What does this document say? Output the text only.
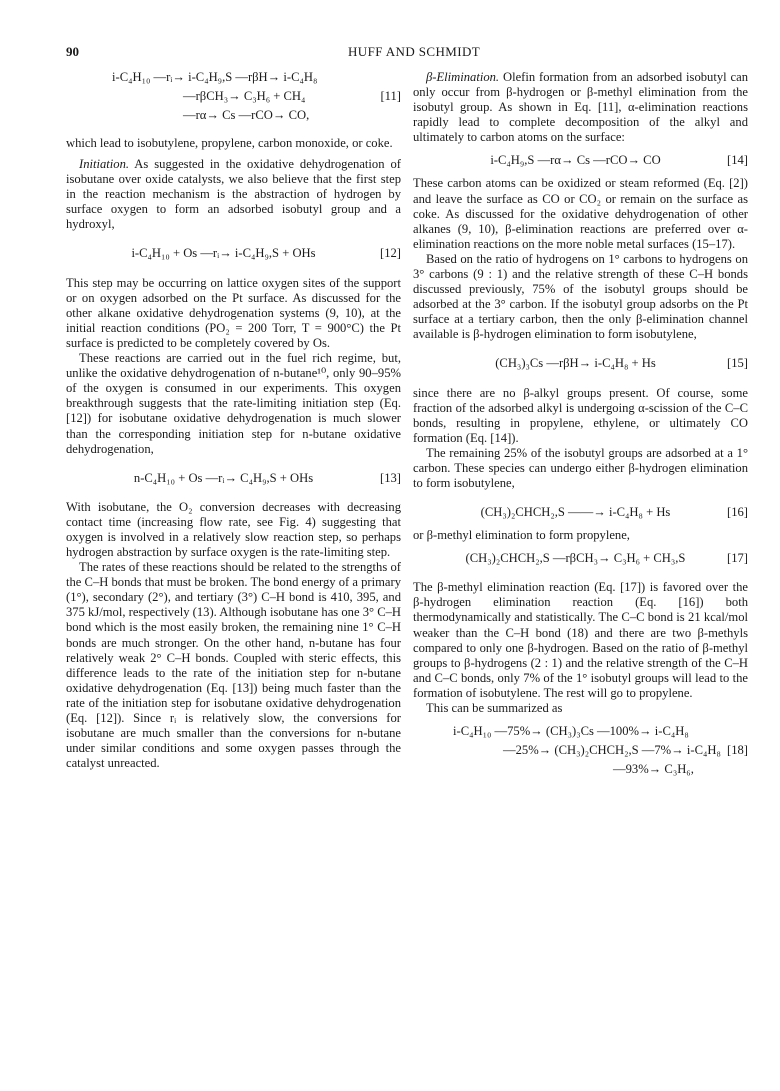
90	HUFF AND SCHMIDT
i-C₄H₁₀ —rᵢ→ i-C₄H₉,S —rβH→ i-C₄H₈
—rβCH₃→ C₃H₆ + CH₄	[11]
—rα→ Cs —rCO→ CO,

which lead to isobutylene, propylene, carbon monoxide, or coke.

Initiation. As suggested in the oxidative dehydrogenation of isobutane over oxide catalysts, we also believe that the first step in the reaction mechanism is the abstraction of hydrogen by surface oxygen to form an adsorbed isobutyl group and a hydroxyl,

i-C₄H₁₀ + Os —rᵢ→ i-C₄H₉,S + OHs	[12]

This step may be occurring on lattice oxygen sites of the support or on oxygen adsorbed on the Pt surface. As discussed for the other alkane oxidative dehydrogenation systems (9, 10), at the initial reaction conditions (PO₂ = 200 Torr, T = 900°C) the Pt surface is predicted to be completely covered by Os.

These reactions are carried out in the fuel rich regime, but, unlike the oxidative dehydrogenation of n-butane¹⁰, only 90–95% of the oxygen is consumed in our experiments. This oxygen breakthrough suggests that the rate-limiting initiation step (Eq. [12]) for isobutane oxidative dehydrogenation is much slower than the corresponding initiation step for n-butane oxidative dehydrogenation,

n-C₄H₁₀ + Os —rᵢ→ C₄H₉,S + OHs	[13]

With isobutane, the O₂ conversion decreases with decreasing contact time (increasing flow rate, see Fig. 4) suggesting that oxygen is involved in a relatively slow reaction step, so perhaps hydrogen abstraction by surface oxygen is the rate-limiting step.

The rates of these reactions should be related to the strengths of the C–H bonds that must be broken. The bond energy of a primary (1°), secondary (2°), and tertiary (3°) C–H bond is 410, 395, and 375 kJ/mol, respectively (13). Although isobutane has one 3° C–H bond which is the most easily broken, the remaining nine 1° C–H bonds are much stronger. On the other hand, n-butane has four relatively weak 2° C–H bonds. Coupled with steric effects, this difference leads to the rate of the initiation step for n-butane oxidative dehydrogenation (Eq. [13]) being much faster than the rate of the initiation step for isobutane oxidative dehydrogenation (Eq. [12]). Since rᵢ is relatively slow, the conversions for isobutane are much smaller than the conversions for n-butane under similar conditions and some oxygen passes through the catalyst unreacted.

β-Elimination. Olefin formation from an adsorbed isobutyl can only occur from β-hydrogen or β-methyl elimination from the isobutyl group. As shown in Eq. [11], α-elimination reactions rapidly lead to complete decomposition of the alkyl and ultimately to carbon atoms on the surface:

i-C₄H₉,S —rα→ Cs —rCO→ CO	[14]

These carbon atoms can be oxidized or steam reformed (Eq. [2]) and leave the surface as CO or CO₂ or remain on the surface as coke. As discussed for the oxidative dehydrogenation of other alkanes (9, 10), β-elimination reactions are preferred over α-elimination reactions on the more noble metal surfaces (15–17).

Based on the ratio of hydrogens on 1° carbons to hydrogens on 3° carbons (9 : 1) and the relative strength of these C–H bonds discussed previously, 75% of the isobutyl groups should be adsorbed at the 3° carbon. If the isobutyl group adsorbs on the Pt surface at a tertiary carbon, then the only β-elimination channel available is β-hydrogen elimination to form isobutylene,

(CH₃)₃Cs —rβH→ i-C₄H₈ + Hs	[15]

since there are no β-alkyl groups present. Of course, some fraction of the adsorbed alkyl is undergoing α-scission of the C–C bonds, resulting in propylene, ethylene, or ultimately CO formation (Eq. [14]).

The remaining 25% of the isobutyl groups are adsorbed at a 1° carbon. These species can undergo either β-hydrogen elimination to form isobutylene,

(CH₃)₂CHCH₂,S ——→ i-C₄H₈ + Hs	[16]

or β-methyl elimination to form propylene,

(CH₃)₂CHCH₂,S —rβCH₃→ C₃H₆ + CH₃,S	[17]

The β-methyl elimination reaction (Eq. [17]) is favored over the β-hydrogen elimination reaction (Eq. [16]) both thermodynamically and statistically. The C–C bond is 21 kcal/mol weaker than the C–H bond (18) and there are two β-methyls compared to only one β-hydrogen. Based on the ratio of β-methyl groups to β-hydrogens (2 : 1) and the relative strength of the C–H and C–C bonds, only 7% of the 1° isobutyl groups will lead to the formation of isobutylene. The rest will go to propylene.

This can be summarized as

i-C₄H₁₀ —75%→ (CH₃)₃Cs —100%→ i-C₄H₈
—25%→ (CH₃)₂CHCH₂,S —7%→ i-C₄H₈ [18]
—93%→ C₃H₆,
